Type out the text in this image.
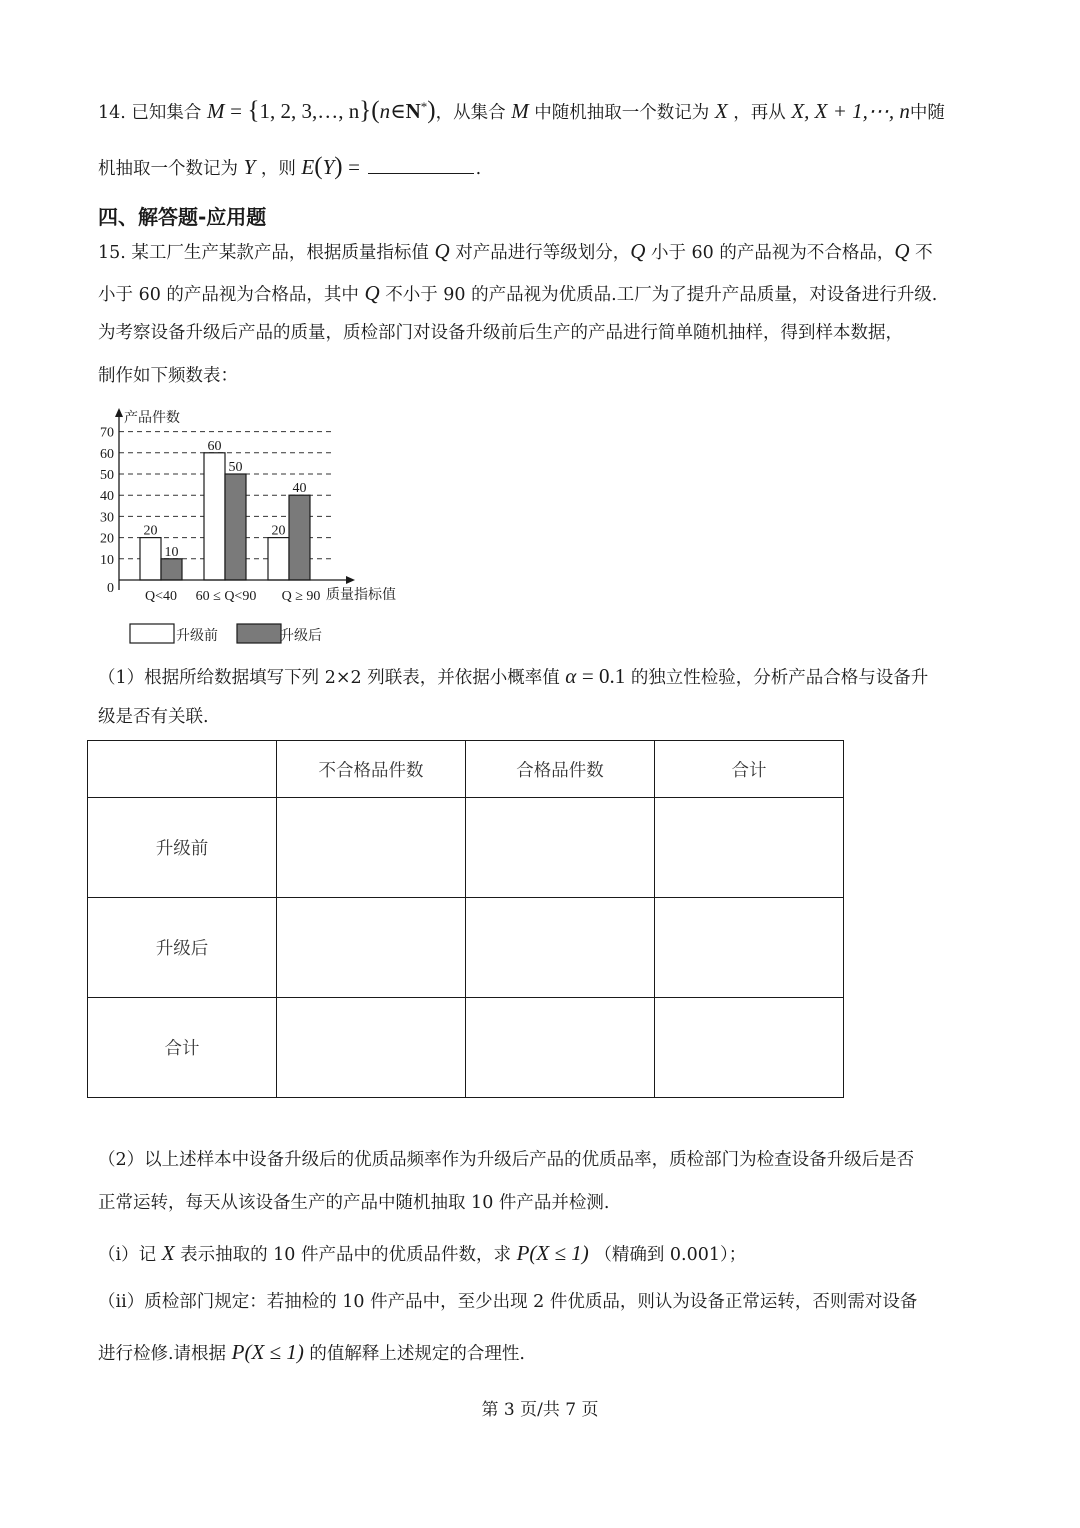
14. 已知集合 M = {1, 2, 3,…, n}(n∈N*)，从集合 M 中随机抽取一个数记为 X ，再从 X, X + 1,⋯, n中随
机抽取一个数记为 Y ，则 E(Y) =	.
四、解答题-应用题
15. 某工厂生产某款产品，根据质量指标值 Q 对产品进行等级划分，Q 小于 60 的产品视为不合格品，Q 不
小于 60 的产品视为合格品，其中 Q 不小于 90 的产品视为优质品.工厂为了提升产品质量，对设备进行升级.
为考察设备升级后产品的质量，质检部门对设备升级前后生产的产品进行简单随机抽样，得到样本数据，
制作如下频数表：
0
10
20
30
40
50
60
70
20
10
60
50
20
40
产品件数
质量指标值
Q<40 60 ≤ Q<90 Q ≥ 90
升级前	升级后
（1）根据所给数据填写下列 2×2 列联表，并依据小概率值 α = 0.1 的独立性检验，分析产品合格与设备升
级是否有关联.
	不合格品件数	合格品件数	合计
升级前			
升级后			
合计			
（2）以上述样本中设备升级后的优质品频率作为升级后产品的优质品率，质检部门为检查设备升级后是否
正常运转，每天从该设备生产的产品中随机抽取 10 件产品并检测.
（i）记 X 表示抽取的 10 件产品中的优质品件数，求 P(X ≤ 1) （精确到 0.001）；
（ii）质检部门规定：若抽检的 10 件产品中，至少出现 2 件优质品，则认为设备正常运转，否则需对设备
进行检修.请根据 P(X ≤ 1) 的值解释上述规定的合理性.
第 3 页/共 7 页
